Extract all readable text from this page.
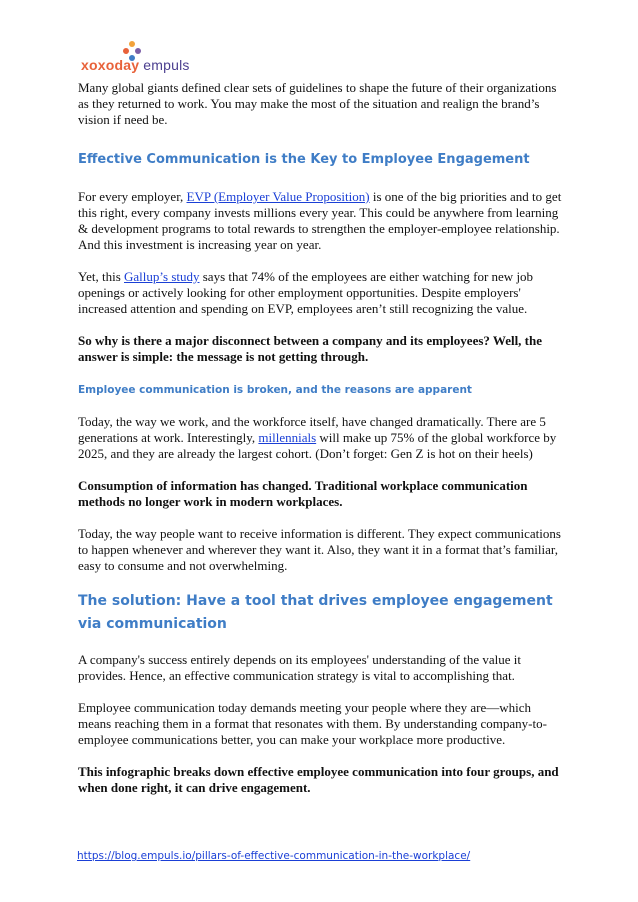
xoxoday empuls

Many global giants defined clear sets of guidelines to shape the future of their organizations as they returned to work. You may make the most of the situation and realign the brand’s vision if need be.

Effective Communication is the Key to Employee Engagement

For every employer, EVP (Employer Value Proposition) is one of the big priorities and to get this right, every company invests millions every year. This could be anywhere from learning & development programs to total rewards to strengthen the employer-employee relationship. And this investment is increasing year on year.

Yet, this Gallup’s study says that 74% of the employees are either watching for new job openings or actively looking for other employment opportunities. Despite employers' increased attention and spending on EVP, employees aren’t still recognizing the value.

So why is there a major disconnect between a company and its employees? Well, the answer is simple: the message is not getting through.

Employee communication is broken, and the reasons are apparent

Today, the way we work, and the workforce itself, have changed dramatically. There are 5 generations at work. Interestingly, millennials will make up 75% of the global workforce by 2025, and they are already the largest cohort. (Don’t forget: Gen Z is hot on their heels)

Consumption of information has changed. Traditional workplace communication methods no longer work in modern workplaces.

Today, the way people want to receive information is different. They expect communications to happen whenever and wherever they want it. Also, they want it in a format that’s familiar, easy to consume and not overwhelming.

The solution: Have a tool that drives employee engagement via communication

A company's success entirely depends on its employees' understanding of the value it provides. Hence, an effective communication strategy is vital to accomplishing that.

Employee communication today demands meeting your people where they are—which means reaching them in a format that resonates with them. By understanding company-to-employee communications better, you can make your workplace more productive.

This infographic breaks down effective employee communication into four groups, and when done right, it can drive engagement.

https://blog.empuls.io/pillars-of-effective-communication-in-the-workplace/
